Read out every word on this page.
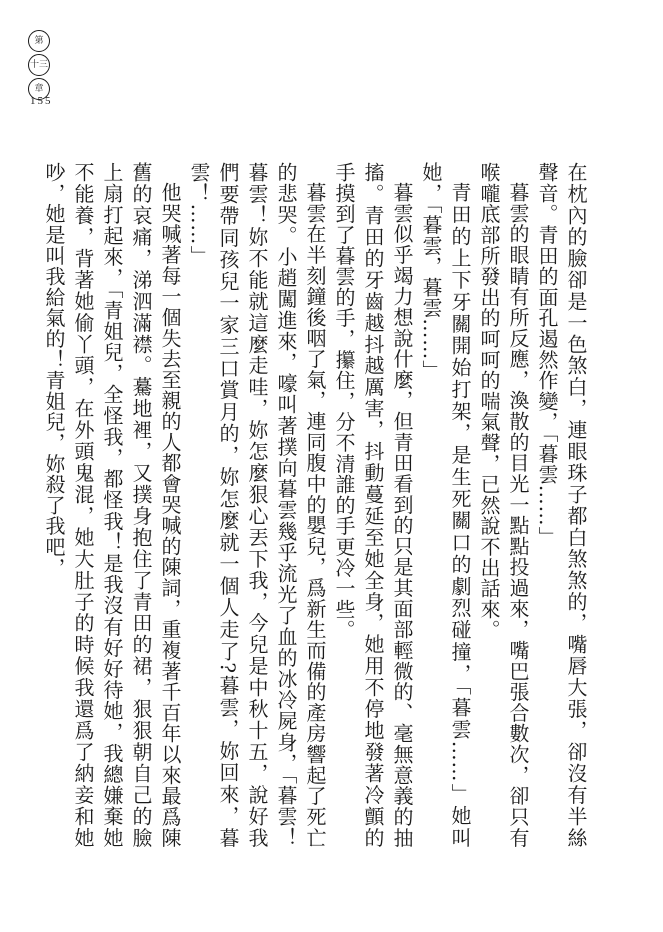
第
十三
章
155

在枕內的臉卻是一色煞白，連眼珠子都白煞煞的，嘴唇大張，卻沒有半絲聲音。青田的面孔遏然作變，「暮雲……」

暮雲的眼睛有所反應，渙散的目光一點點投過來，嘴巴張合數次，卻只有喉嚨底部所發出的呵呵的喘氣聲，已然說不出話來。

青田的上下牙關開始打架，是生死關口的劇烈碰撞，「暮雲……」她叫她，「暮雲，暮雲……」

暮雲似乎竭力想說什麼，但青田看到的只是其面部輕微的、毫無意義的抽搐。青田的牙齒越抖越厲害，抖動蔓延至她全身，她用不停地發著冷顫的手摸到了暮雲的手，攥住，分不清誰的手更冷一些。

暮雲在半刻鐘後咽了氣，連同腹中的嬰兒，爲新生而備的產房響起了死亡的悲哭。小趙闖進來，嚎叫著撲向暮雲幾乎流光了血的冰冷屍身，「暮雲！暮雲！妳不能就這麼走哇，妳怎麼狠心丟下我，今兒是中秋十五，說好我們要帶同孩兒一家三口賞月的，妳怎麼就一個人走了?暮雲，妳回來，暮雲！……」

他哭喊著每一個失去至親的人都會哭喊的陳詞，重複著千百年以來最爲陳舊的哀痛，涕泗滿襟。驀地裡，又撲身抱住了青田的裙，狠狠朝自己的臉上扇打起來，「青姐兒，全怪我，都怪我！是我沒有好好待她，我總嫌棄她不能養，背著她偷丫頭，在外頭鬼混，她大肚子的時候我還爲了納妾和她吵，她是叫我給氣的！青姐兒，妳殺了我吧，
